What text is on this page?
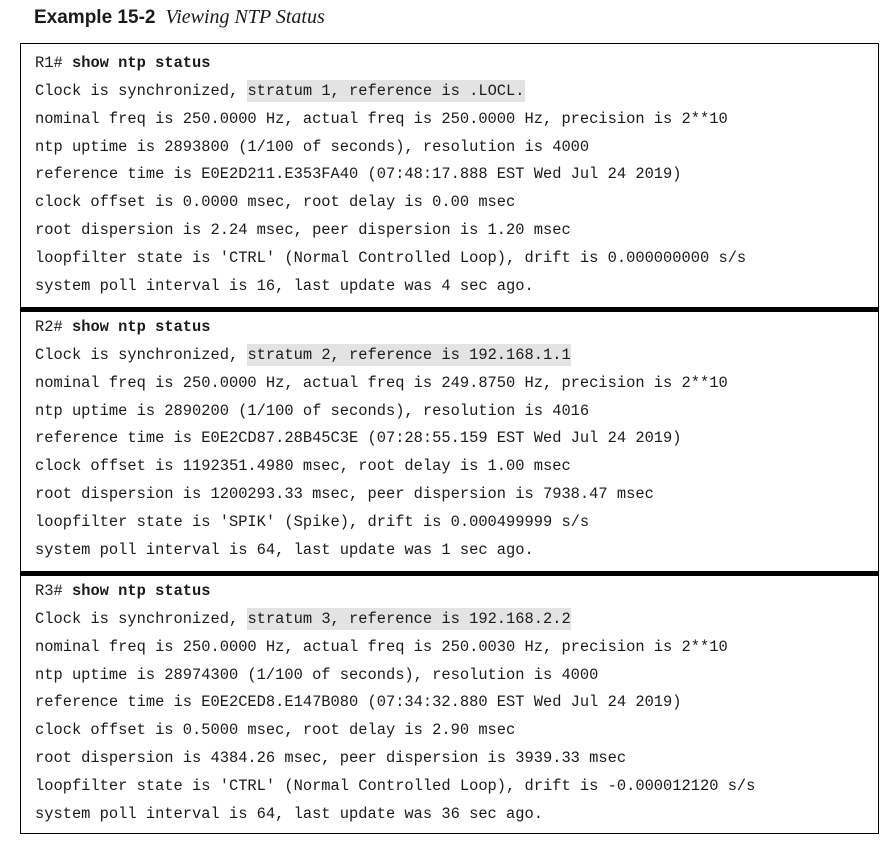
Example 15-2 Viewing NTP Status
R1# show ntp status
Clock is synchronized, stratum 1, reference is .LOCL.
nominal freq is 250.0000 Hz, actual freq is 250.0000 Hz, precision is 2**10
ntp uptime is 2893800 (1/100 of seconds), resolution is 4000
reference time is E0E2D211.E353FA40 (07:48:17.888 EST Wed Jul 24 2019)
clock offset is 0.0000 msec, root delay is 0.00 msec
root dispersion is 2.24 msec, peer dispersion is 1.20 msec
loopfilter state is 'CTRL' (Normal Controlled Loop), drift is 0.000000000 s/s
system poll interval is 16, last update was 4 sec ago.
R2# show ntp status
Clock is synchronized, stratum 2, reference is 192.168.1.1
nominal freq is 250.0000 Hz, actual freq is 249.8750 Hz, precision is 2**10
ntp uptime is 2890200 (1/100 of seconds), resolution is 4016
reference time is E0E2CD87.28B45C3E (07:28:55.159 EST Wed Jul 24 2019)
clock offset is 1192351.4980 msec, root delay is 1.00 msec
root dispersion is 1200293.33 msec, peer dispersion is 7938.47 msec
loopfilter state is 'SPIK' (Spike), drift is 0.000499999 s/s
system poll interval is 64, last update was 1 sec ago.
R3# show ntp status
Clock is synchronized, stratum 3, reference is 192.168.2.2
nominal freq is 250.0000 Hz, actual freq is 250.0030 Hz, precision is 2**10
ntp uptime is 28974300 (1/100 of seconds), resolution is 4000
reference time is E0E2CED8.E147B080 (07:34:32.880 EST Wed Jul 24 2019)
clock offset is 0.5000 msec, root delay is 2.90 msec
root dispersion is 4384.26 msec, peer dispersion is 3939.33 msec
loopfilter state is 'CTRL' (Normal Controlled Loop), drift is -0.000012120 s/s
system poll interval is 64, last update was 36 sec ago.
